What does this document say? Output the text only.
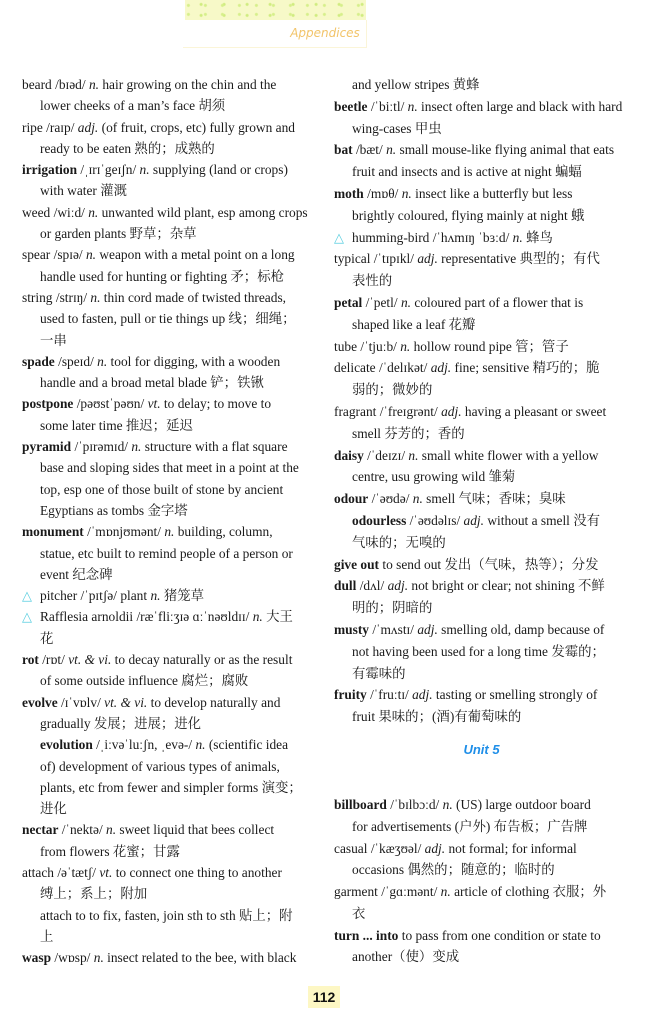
Appendices
beard /bɪəd/ n. hair growing on the chin and the
lower cheeks of a man’s face 胡须
ripe /raɪp/ adj. (of fruit, crops, etc) fully grown and
ready to be eaten 熟的；成熟的
irrigation /ˌɪrɪˈgeɪʃn/ n. supplying (land or crops)
with water 灌溉
weed /wiːd/ n. unwanted wild plant, esp among crops
or garden plants 野草；杂草
spear /spɪə/ n. weapon with a metal point on a long
handle used for hunting or fighting 矛；标枪
string /strɪŋ/ n. thin cord made of twisted threads,
used to fasten, pull or tie things up 线；细绳；
一串
spade /speɪd/ n. tool for digging, with a wooden
handle and a broad metal blade 铲；铁锹
postpone /pəʊstˈpəʊn/ vt. to delay; to move to
some later time 推迟；延迟
pyramid /ˈpɪrəmɪd/ n. structure with a flat square
base and sloping sides that meet in a point at the
top, esp one of those built of stone by ancient
Egyptians as tombs 金字塔
monument /ˈmɒnjʊmənt/ n. building, column,
statue, etc built to remind people of a person or
event 纪念碑
△ pitcher /ˈpɪtʃə/ plant n. 猪笼草
△ Rafflesia arnoldii /ræˈfliːʒɪə ɑːˈnəʊldɪɪ/ n. 大王
花
rot /rɒt/ vt. & vi. to decay naturally or as the result
of some outside influence 腐烂；腐败
evolve /ɪˈvɒlv/ vt. & vi. to develop naturally and
gradually 发展；进展；进化
evolution /ˌiːvəˈluːʃn, ˌevə-/ n. (scientific idea
of) development of various types of animals,
plants, etc from fewer and simpler forms 演变；
进化
nectar /ˈnektə/ n. sweet liquid that bees collect
from flowers 花蜜；甘露
attach /əˈtætʃ/ vt. to connect one thing to another
缚上；系上；附加
attach to to fix, fasten, join sth to sth 贴上；附
上
wasp /wɒsp/ n. insect related to the bee, with black
and yellow stripes 黄蜂
beetle /ˈbiːtl/ n. insect often large and black with hard
wing-cases 甲虫
bat /bæt/ n. small mouse-like flying animal that eats
fruit and insects and is active at night 蝙蝠
moth /mɒθ/ n. insect like a butterfly but less
brightly coloured, flying mainly at night 蛾
△ humming-bird /ˈhʌmɪŋ ˈbɜːd/ n. 蜂鸟
typical /ˈtɪpɪkl/ adj. representative 典型的；有代
表性的
petal /ˈpetl/ n. coloured part of a flower that is
shaped like a leaf 花瓣
tube /ˈtjuːb/ n. hollow round pipe 管；管子
delicate /ˈdelɪkət/ adj. fine; sensitive 精巧的；脆
弱的；微妙的
fragrant /ˈfreɪgrənt/ adj. having a pleasant or sweet
smell 芬芳的；香的
daisy /ˈdeɪzɪ/ n. small white flower with a yellow
centre, usu growing wild 雏菊
odour /ˈəʊdə/ n. smell 气味；香味；臭味
odourless /ˈəʊdəlɪs/ adj. without a smell 没有
气味的；无嗅的
give out to send out 发出（气味，热等）；分发
dull /dʌl/ adj. not bright or clear; not shining 不鲜
明的；阴暗的
musty /ˈmʌstɪ/ adj. smelling old, damp because of
not having been used for a long time 发霉的；
有霉味的
fruity /ˈfruːtɪ/ adj. tasting or smelling strongly of
fruit 果味的；(酒)有葡萄味的
Unit 5
billboard /ˈbɪlbɔːd/ n. (US) large outdoor board
for advertisements (户外) 布告板；广告牌
casual /ˈkæʒʊəl/ adj. not formal; for informal
occasions 偶然的；随意的；临时的
garment /ˈgɑːmənt/ n. article of clothing 衣服；外
衣
turn ... into to pass from one condition or state to
another（使）变成
112
